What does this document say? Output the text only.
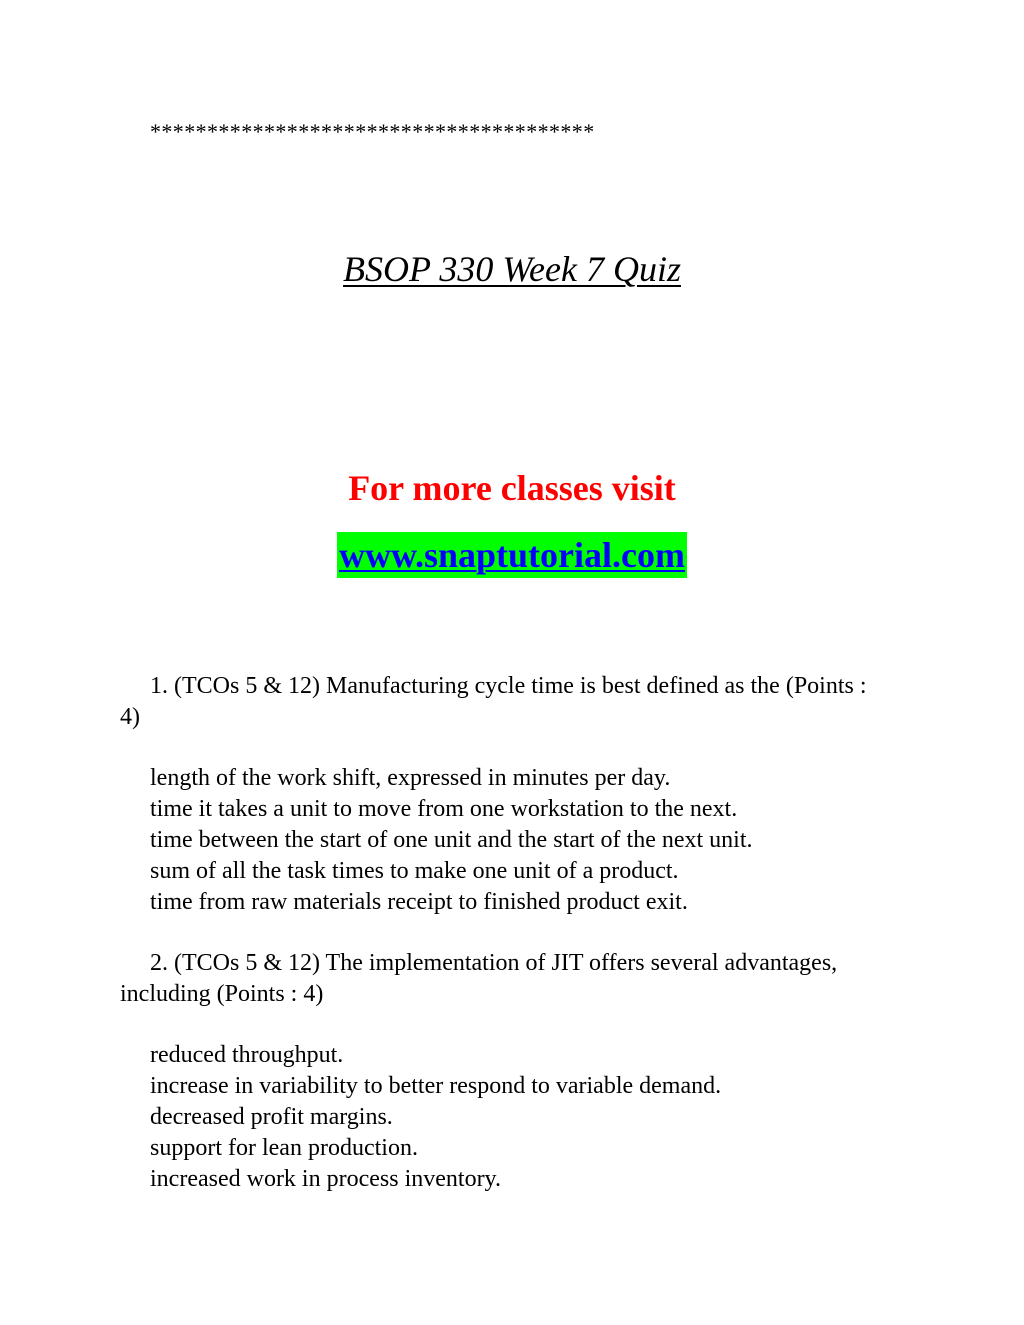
***************************************
BSOP 330 Week 7 Quiz
For more classes visit
www.snaptutorial.com
1. (TCOs 5 & 12) Manufacturing cycle time is best defined as the (Points : 4)
length of the work shift, expressed in minutes per day.
time it takes a unit to move from one workstation to the next.
time between the start of one unit and the start of the next unit.
sum of all the task times to make one unit of a product.
time from raw materials receipt to finished product exit.
2. (TCOs 5 & 12) The implementation of JIT offers several advantages, including (Points : 4)
reduced throughput.
increase in variability to better respond to variable demand.
decreased profit margins.
support for lean production.
increased work in process inventory.
